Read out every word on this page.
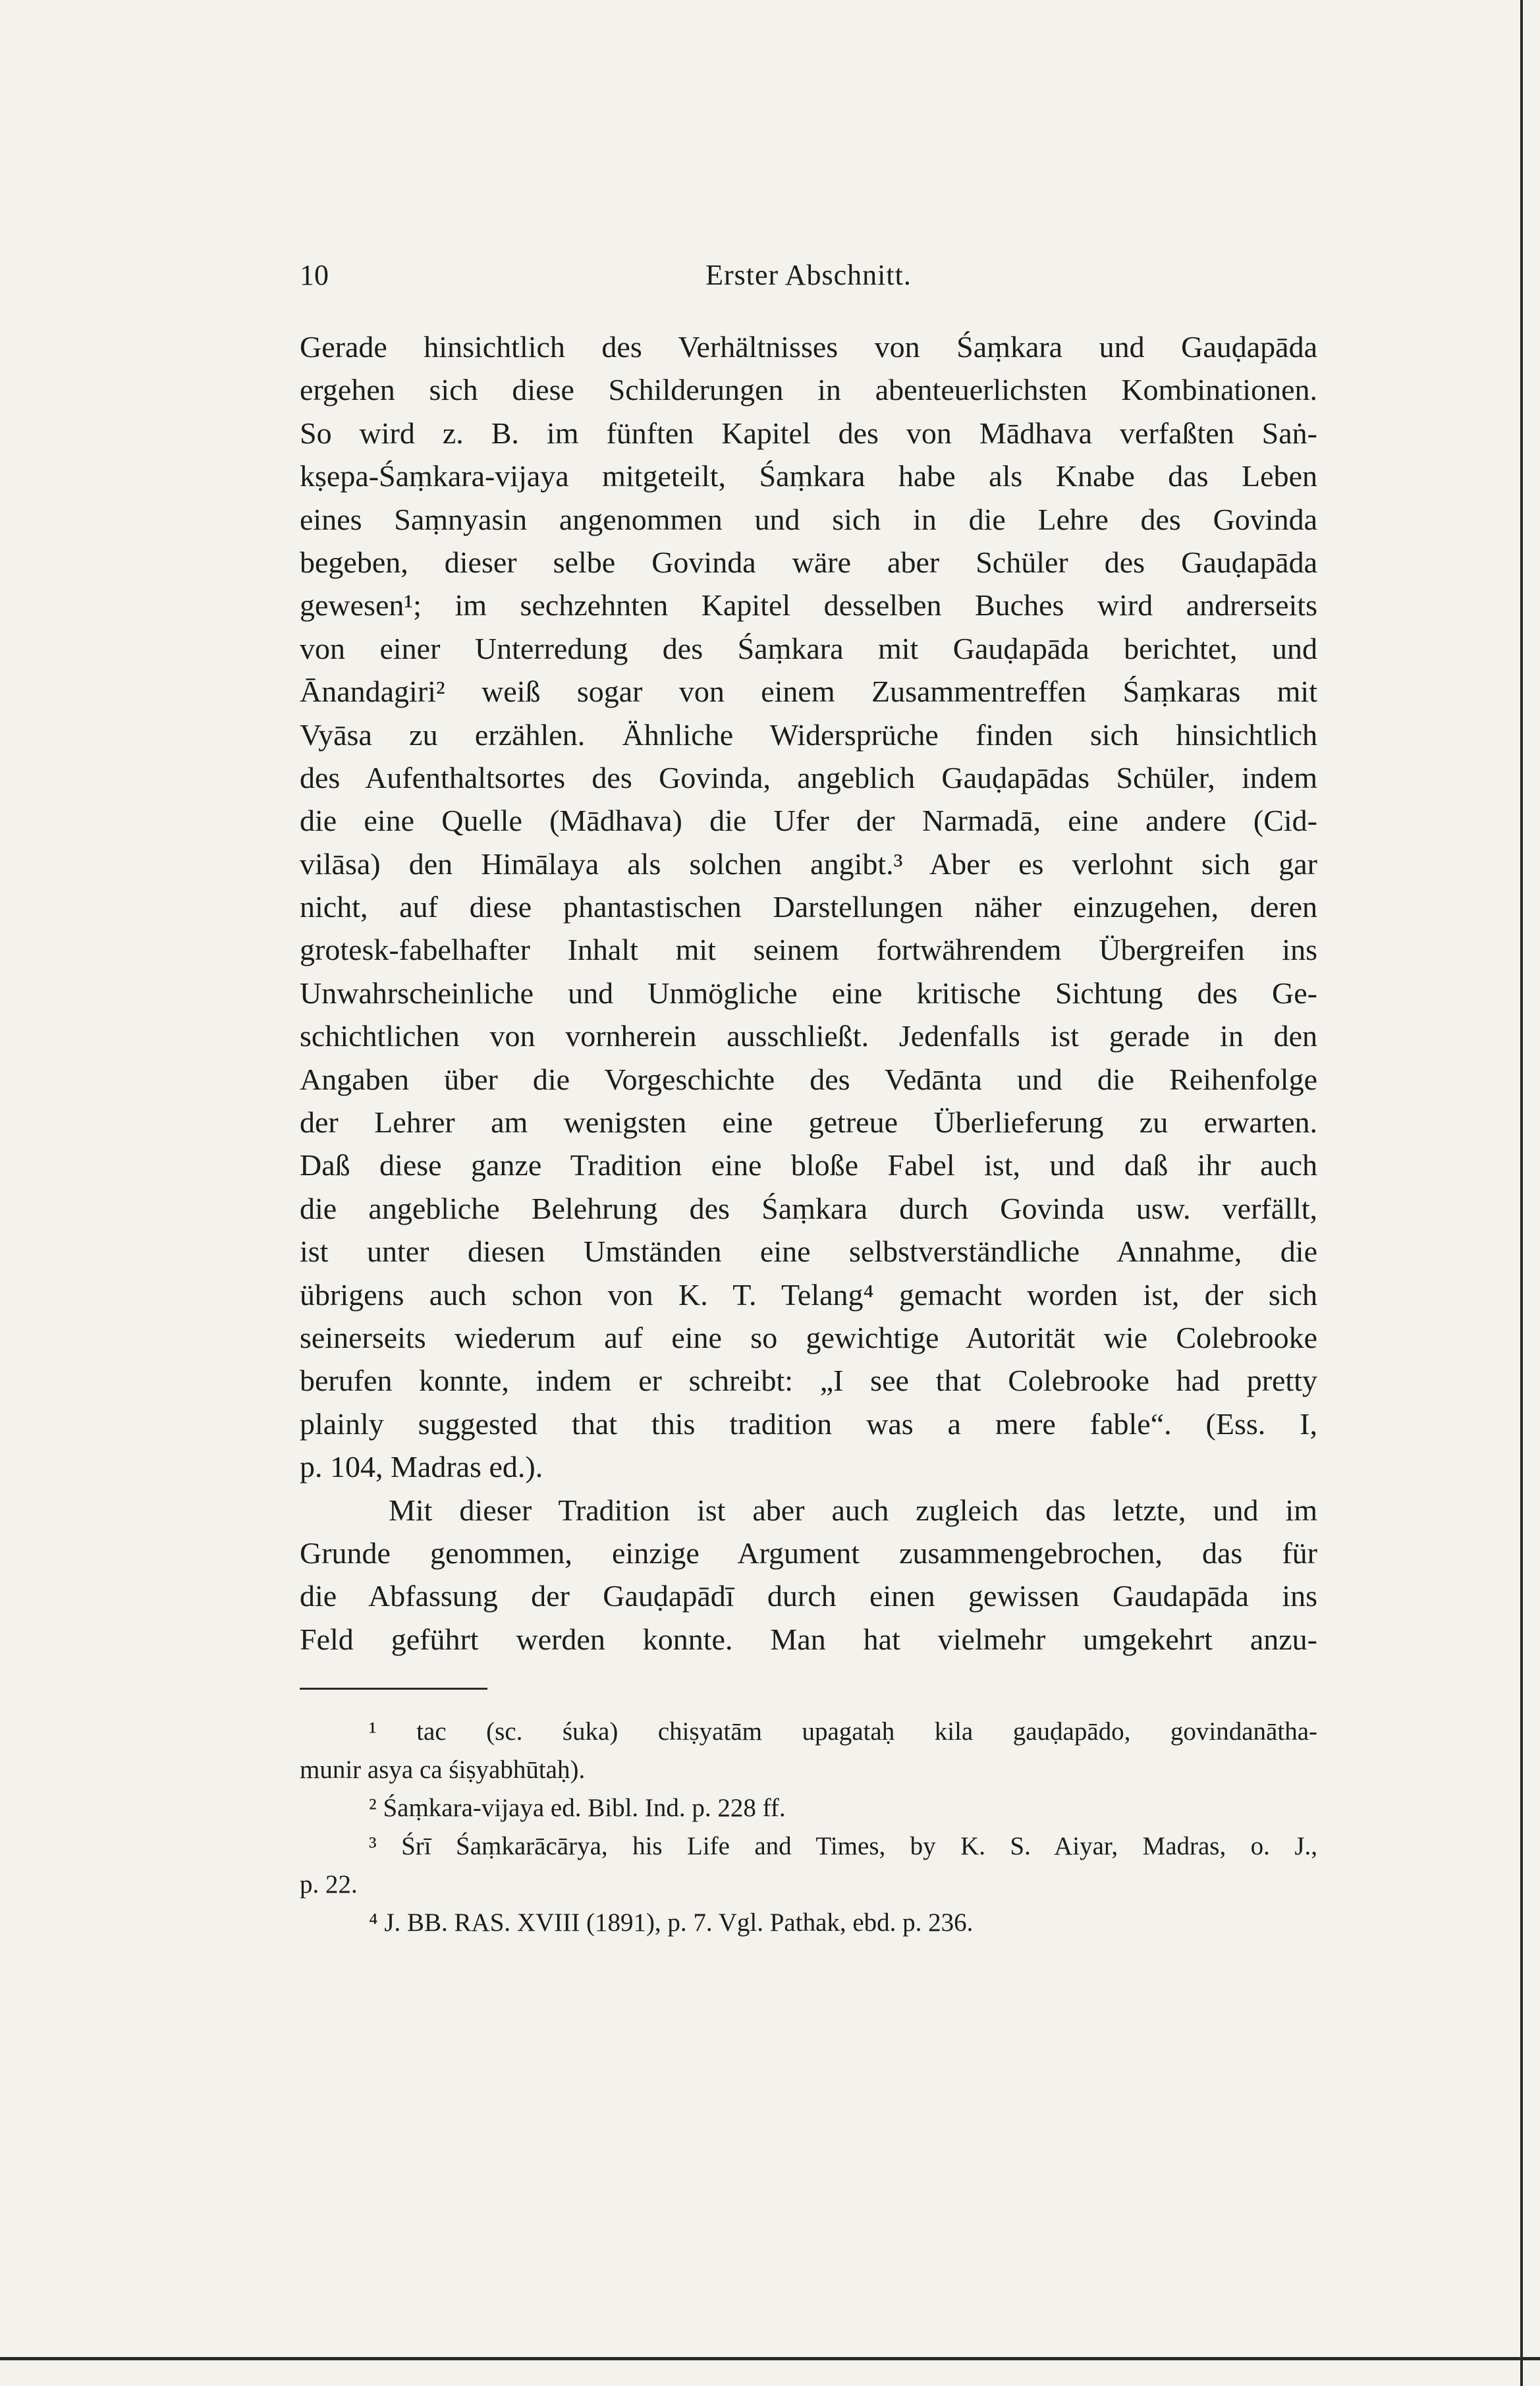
10	Erster Abschnitt.
Gerade hinsichtlich des Verhältnisses von Śaṃkara und Gauḍapāda
ergehen sich diese Schilderungen in abenteuerlichsten Kombinationen.
So wird z. B. im fünften Kapitel des von Mādhava verfaßten Saṅ-
kṣepa-Śaṃkara-vijaya mitgeteilt, Śaṃkara habe als Knabe das Leben
eines Saṃnyasin angenommen und sich in die Lehre des Govinda
begeben, dieser selbe Govinda wäre aber Schüler des Gauḍapāda
gewesen¹; im sechzehnten Kapitel desselben Buches wird andrerseits
von einer Unterredung des Śaṃkara mit Gauḍapāda berichtet, und
Ānandagiri² weiß sogar von einem Zusammentreffen Śaṃkaras mit
Vyāsa zu erzählen. Ähnliche Widersprüche finden sich hinsichtlich
des Aufenthaltsortes des Govinda, angeblich Gauḍapādas Schüler, indem
die eine Quelle (Mādhava) die Ufer der Narmadā, eine andere (Cid-
vilāsa) den Himālaya als solchen angibt.³ Aber es verlohnt sich gar
nicht, auf diese phantastischen Darstellungen näher einzugehen, deren
grotesk-fabelhafter Inhalt mit seinem fortwährendem Übergreifen ins
Unwahrscheinliche und Unmögliche eine kritische Sichtung des Ge-
schichtlichen von vornherein ausschließt. Jedenfalls ist gerade in den
Angaben über die Vorgeschichte des Vedānta und die Reihenfolge
der Lehrer am wenigsten eine getreue Überlieferung zu erwarten.
Daß diese ganze Tradition eine bloße Fabel ist, und daß ihr auch
die angebliche Belehrung des Śaṃkara durch Govinda usw. verfällt,
ist unter diesen Umständen eine selbstverständliche Annahme, die
übrigens auch schon von K. T. Telang⁴ gemacht worden ist, der sich
seinerseits wiederum auf eine so gewichtige Autorität wie Colebrooke
berufen konnte, indem er schreibt: „I see that Colebrooke had pretty
plainly suggested that this tradition was a mere fable“. (Ess. I,
p. 104, Madras ed.).
Mit dieser Tradition ist aber auch zugleich das letzte, und im
Grunde genommen, einzige Argument zusammengebrochen, das für
die Abfassung der Gauḍapādī durch einen gewissen Gaudapāda ins
Feld geführt werden konnte. Man hat vielmehr umgekehrt anzu-
¹ tac (sc. śuka) chiṣyatām upagataḥ kila gauḍapādo, govindanātha-
munir asya ca śiṣyabhūtaḥ).
² Śaṃkara-vijaya ed. Bibl. Ind. p. 228 ff.
³ Śrī Śaṃkarācārya, his Life and Times, by K. S. Aiyar, Madras, o. J.,
p. 22.
⁴ J. BB. RAS. XVIII (1891), p. 7. Vgl. Pathak, ebd. p. 236.
